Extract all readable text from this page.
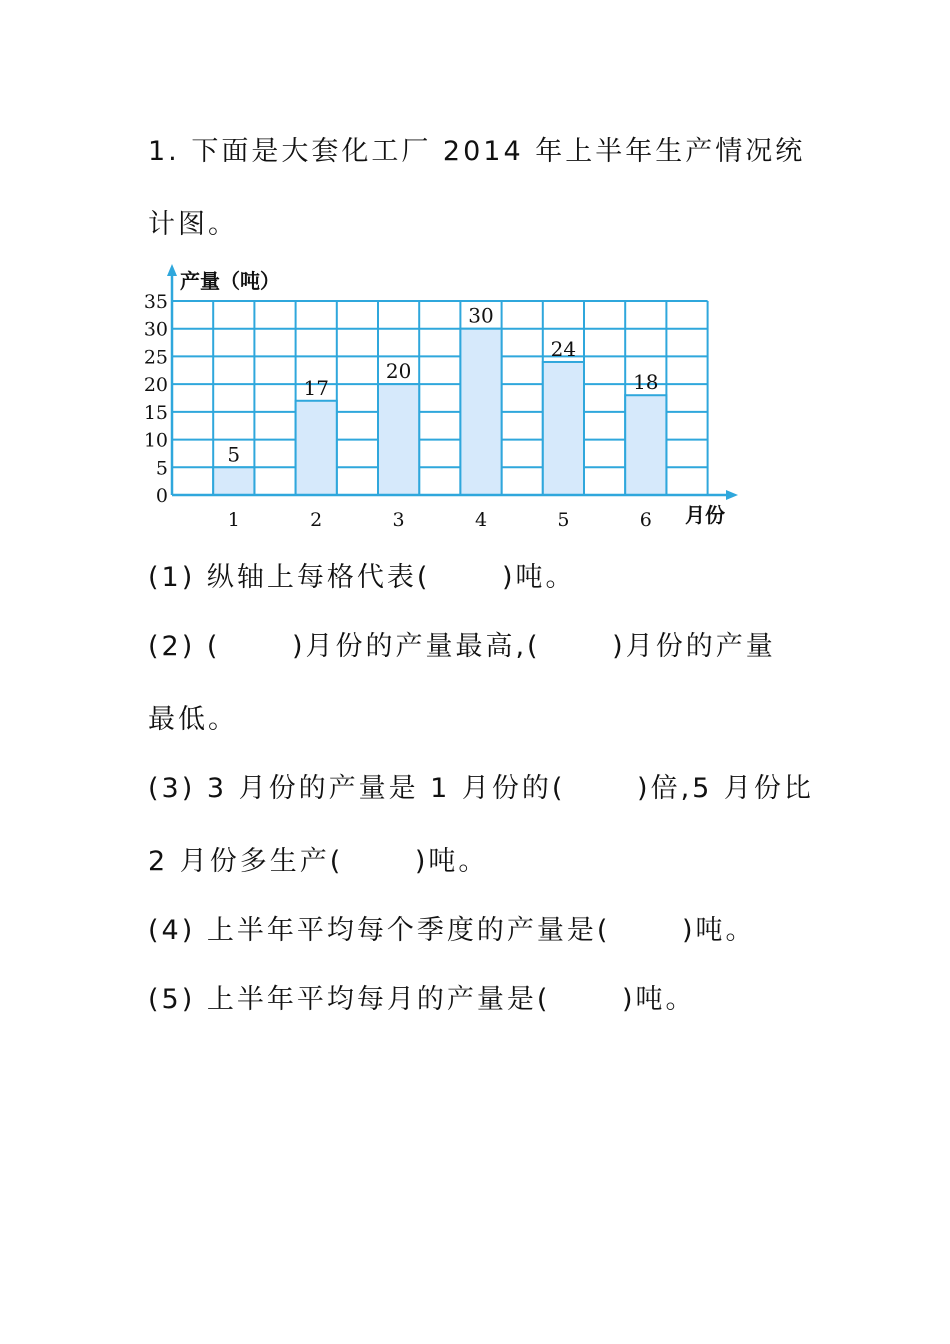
1. 下面是大套化工厂 2014 年上半年生产情况统

计图。

0
5
10
15
20
25
30
35
1	2	3	4	5	6
5
17
20
30
24
18
产量（吨）
月份

(1) 纵轴上每格代表(　　 )吨。

(2) (　　 )月份的产量最高,(　　 )月份的产量

最低。

(3) 3 月份的产量是 1 月份的(　　 )倍,5 月份比

2 月份多生产(　　 )吨。

(4) 上半年平均每个季度的产量是(　　 )吨。

(5) 上半年平均每月的产量是(　　 )吨。
